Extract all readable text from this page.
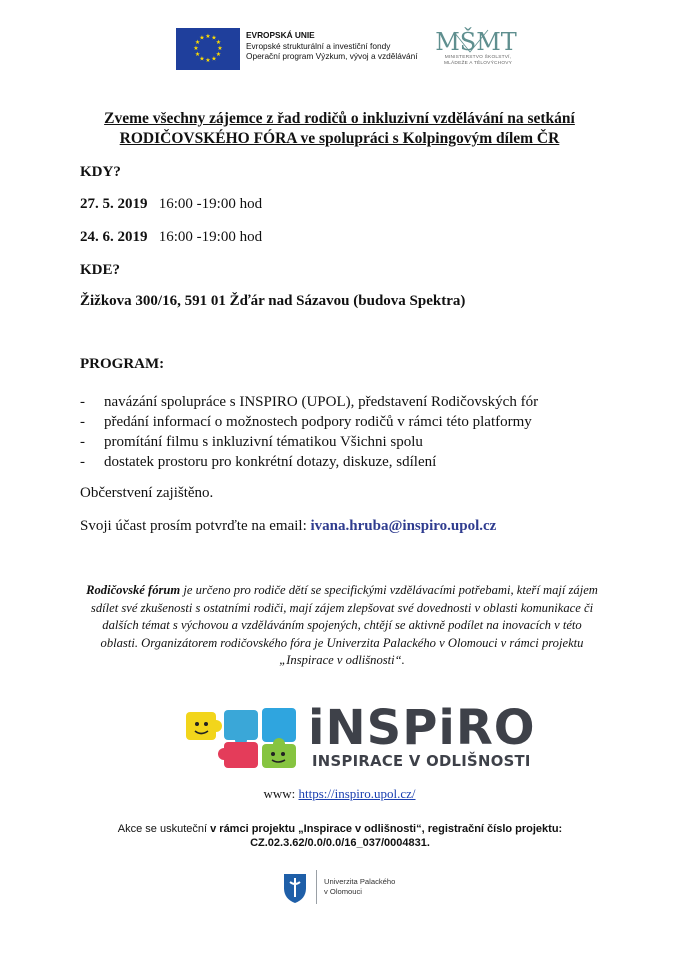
★ ★
★
★
★
★
★
★
★
★
★
★	EVROPSKÁ UNIE
Evropské strukturální a investiční fondy
Operační program Výzkum, vývoj a vzdělávání MŠMT
MINISTERSTVO ŠKOLSTVÍ,
MLÁDEŽE A TĚLOVÝCHOVY
Zveme všechny zájemce z řad rodičů o inkluzivní vzdělávání na setkání
RODIČOVSKÉHO FÓRA ve spolupráci s Kolpingovým dílem ČR
KDY?
27. 5. 2019 16:00 -19:00 hod
24. 6. 2019 16:00 -19:00 hod
KDE?
Žižkova 300/16, 591 01 Žďár nad Sázavou (budova Spektra)
PROGRAM:
- navázání spolupráce s INSPIRO (UPOL), představení Rodičovských fór
- předání informací o možnostech podpory rodičů v rámci této platformy
- promítání filmu s inkluzivní tématikou Všichni spolu
- dostatek prostoru pro konkrétní dotazy, diskuze, sdílení
Občerstvení zajištěno.
Svoji účast prosím potvrďte na email: ivana.hruba@inspiro.upol.cz
Rodičovské fórum je určeno pro rodiče dětí se specifickými vzdělávacími potřebami, kteří mají zájem sdílet své zkušenosti s ostatními rodiči, mají zájem zlepšovat své dovednosti v oblasti komunikace či dalších témat s výchovou a vzděláváním spojených, chtějí se aktivně podílet na inovacích v této oblasti. Organizátorem rodičovského fóra je Univerzita Palackého v Olomouci v rámci projektu „Inspirace v odlišnosti“.
iNSPiRO
INSPIRACE V ODLIŠNOSTI
www: https://inspiro.upol.cz/
Akce se uskuteční v rámci projektu „Inspirace v odlišnosti“, registrační číslo projektu: CZ.02.3.62/0.0/0.0/16_037/0004831.
Univerzita Palackého
v Olomouci
